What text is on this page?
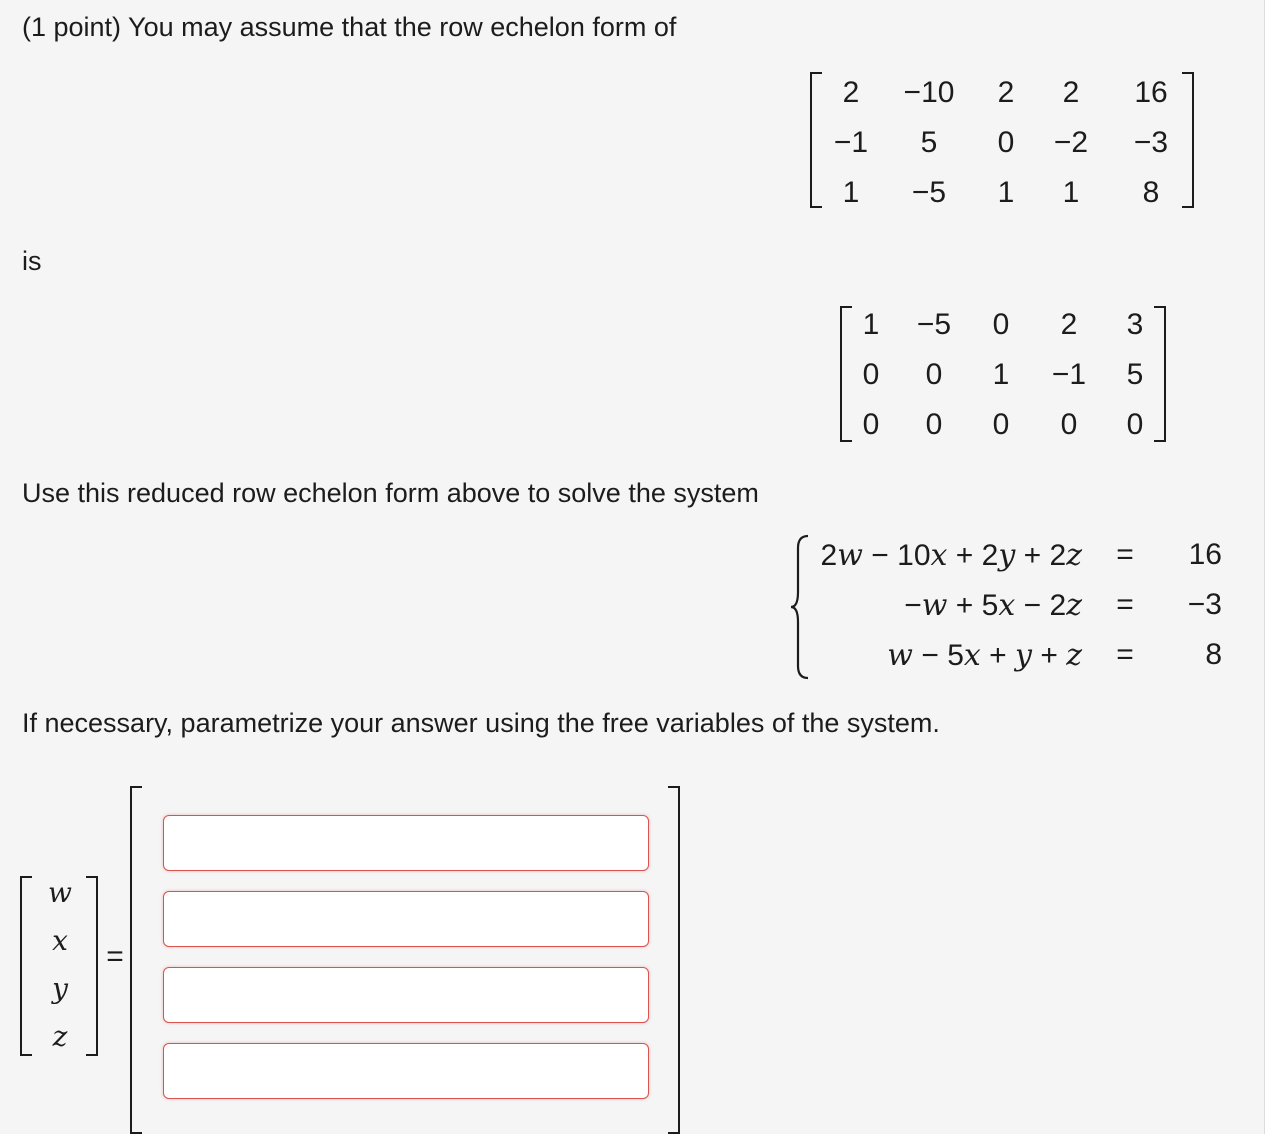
(1 point) You may assume that the row echelon form of

2	−10	2	2	16
−1	5	0	−2	−3
1	−5	1	1	8

is

1	−5	0	2	3
0	0	1	−1	5
0	0	0	0	0

Use this reduced row echelon form above to solve the system

2w − 10x + 2y + 2z = 16
−w + 5x − 2z = −3
w − 5x + y + z = 8

If necessary, parametrize your answer using the free variables of the system.

w
x
y
z
=
